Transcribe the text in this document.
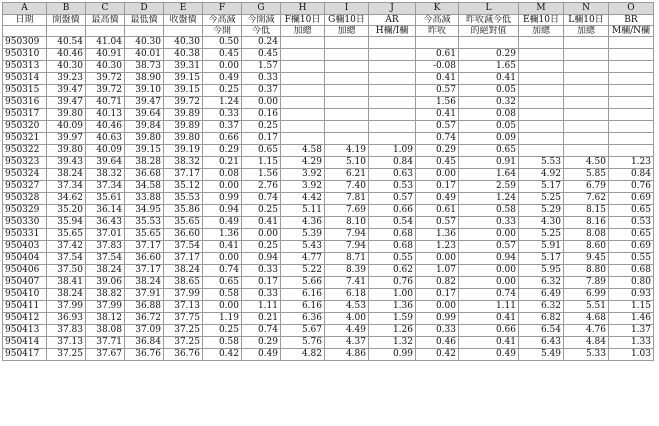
A	B	C	D	E	F	G	H	I	J	K	L	M	N	O
日期	開盤價	最高價	最低價	收盤價	今高減	今開減	F欄10日	G欄10日	AR	今高減	昨收減今低	E欄10日	L欄10日	BR
					今開	今低	加總	加總	H欄/I欄	昨收	的絕對值	加總	加總	M欄/N欄
950309	40.54	41.04	40.30	40.30	0.50	0.24								
950310	40.46	40.91	40.01	40.38	0.45	0.45				0.61	0.29			
950313	40.30	40.30	38.73	39.31	0.00	1.57				-0.08	1.65			
950314	39.23	39.72	38.90	39.15	0.49	0.33				0.41	0.41			
950315	39.47	39.72	39.10	39.15	0.25	0.37				0.57	0.05			
950316	39.47	40.71	39.47	39.72	1.24	0.00				1.56	0.32			
950317	39.80	40.13	39.64	39.89	0.33	0.16				0.41	0.08			
950320	40.09	40.46	39.84	39.89	0.37	0.25				0.57	0.05			
950321	39.97	40.63	39.80	39.80	0.66	0.17				0.74	0.09			
950322	39.80	40.09	39.15	39.19	0.29	0.65	4.58	4.19	1.09	0.29	0.65			
950323	39.43	39.64	38.28	38.32	0.21	1.15	4.29	5.10	0.84	0.45	0.91	5.53	4.50	1.23
950324	38.24	38.32	36.68	37.17	0.08	1.56	3.92	6.21	0.63	0.00	1.64	4.92	5.85	0.84
950327	37.34	37.34	34.58	35.12	0.00	2.76	3.92	7.40	0.53	0.17	2.59	5.17	6.79	0.76
950328	34.62	35.61	33.88	35.53	0.99	0.74	4.42	7.81	0.57	0.49	1.24	5.25	7.62	0.69
950329	35.20	36.14	34.95	35.86	0.94	0.25	5.11	7.69	0.66	0.61	0.58	5.29	8.15	0.65
950330	35.94	36.43	35.53	35.65	0.49	0.41	4.36	8.10	0.54	0.57	0.33	4.30	8.16	0.53
950331	35.65	37.01	35.65	36.60	1.36	0.00	5.39	7.94	0.68	1.36	0.00	5.25	8.08	0.65
950403	37.42	37.83	37.17	37.54	0.41	0.25	5.43	7.94	0.68	1.23	0.57	5.91	8.60	0.69
950404	37.54	37.54	36.60	37.17	0.00	0.94	4.77	8.71	0.55	0.00	0.94	5.17	9.45	0.55
950406	37.50	38.24	37.17	38.24	0.74	0.33	5.22	8.39	0.62	1.07	0.00	5.95	8.80	0.68
950407	38.41	39.06	38.24	38.65	0.65	0.17	5.66	7.41	0.76	0.82	0.00	6.32	7.89	0.80
950410	38.24	38.82	37.91	37.99	0.58	0.33	6.16	6.18	1.00	0.17	0.74	6.49	6.99	0.93
950411	37.99	37.99	36.88	37.13	0.00	1.11	6.16	4.53	1.36	0.00	1.11	6.32	5.51	1.15
950412	36.93	38.12	36.72	37.75	1.19	0.21	6.36	4.00	1.59	0.99	0.41	6.82	4.68	1.46
950413	37.83	38.08	37.09	37.25	0.25	0.74	5.67	4.49	1.26	0.33	0.66	6.54	4.76	1.37
950414	37.13	37.71	36.84	37.25	0.58	0.29	5.76	4.37	1.32	0.46	0.41	6.43	4.84	1.33
950417	37.25	37.67	36.76	36.76	0.42	0.49	4.82	4.86	0.99	0.42	0.49	5.49	5.33	1.03
